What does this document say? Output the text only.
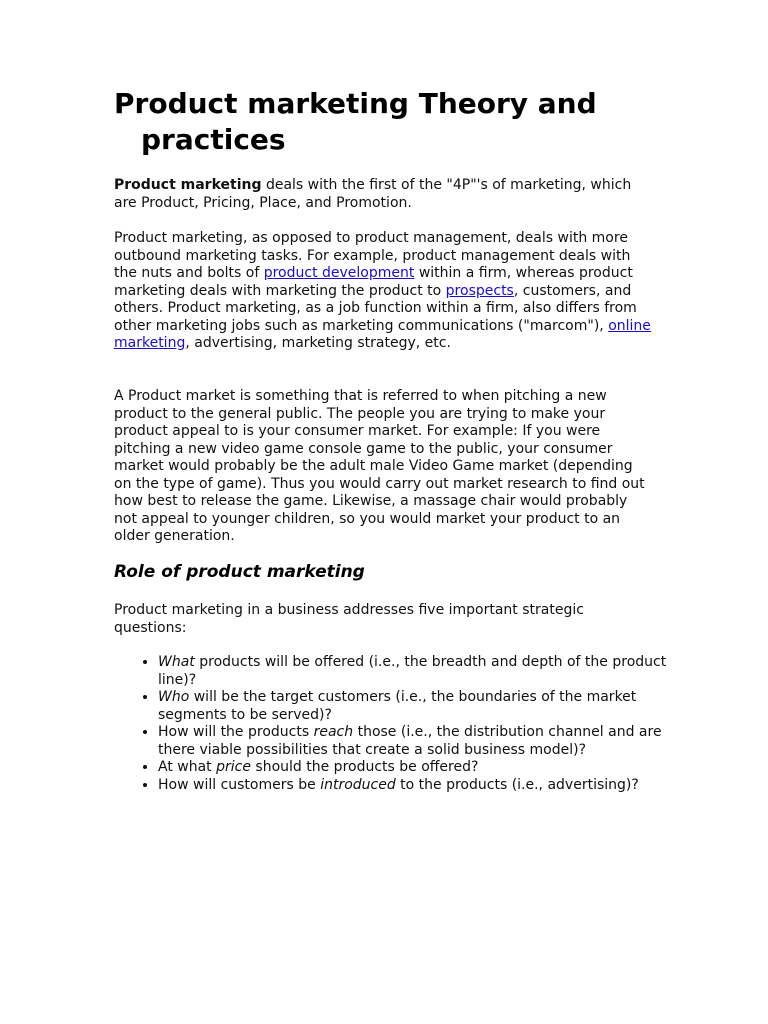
Product marketing Theory and practices

Product marketing deals with the first of the "4P"'s of marketing, which are Product, Pricing, Place, and Promotion.

Product marketing, as opposed to product management, deals with more outbound marketing tasks. For example, product management deals with the nuts and bolts of product development within a firm, whereas product marketing deals with marketing the product to prospects, customers, and others. Product marketing, as a job function within a firm, also differs from other marketing jobs such as marketing communications ("marcom"), online marketing, advertising, marketing strategy, etc.

A Product market is something that is referred to when pitching a new product to the general public. The people you are trying to make your product appeal to is your consumer market. For example: If you were pitching a new video game console game to the public, your consumer market would probably be the adult male Video Game market (depending on the type of game). Thus you would carry out market research to find out how best to release the game. Likewise, a massage chair would probably not appeal to younger children, so you would market your product to an older generation.

Role of product marketing

Product marketing in a business addresses five important strategic questions:

• What products will be offered (i.e., the breadth and depth of the product line)?
• Who will be the target customers (i.e., the boundaries of the market segments to be served)?
• How will the products reach those (i.e., the distribution channel and are there viable possibilities that create a solid business model)?
• At what price should the products be offered?
• How will customers be introduced to the products (i.e., advertising)?
